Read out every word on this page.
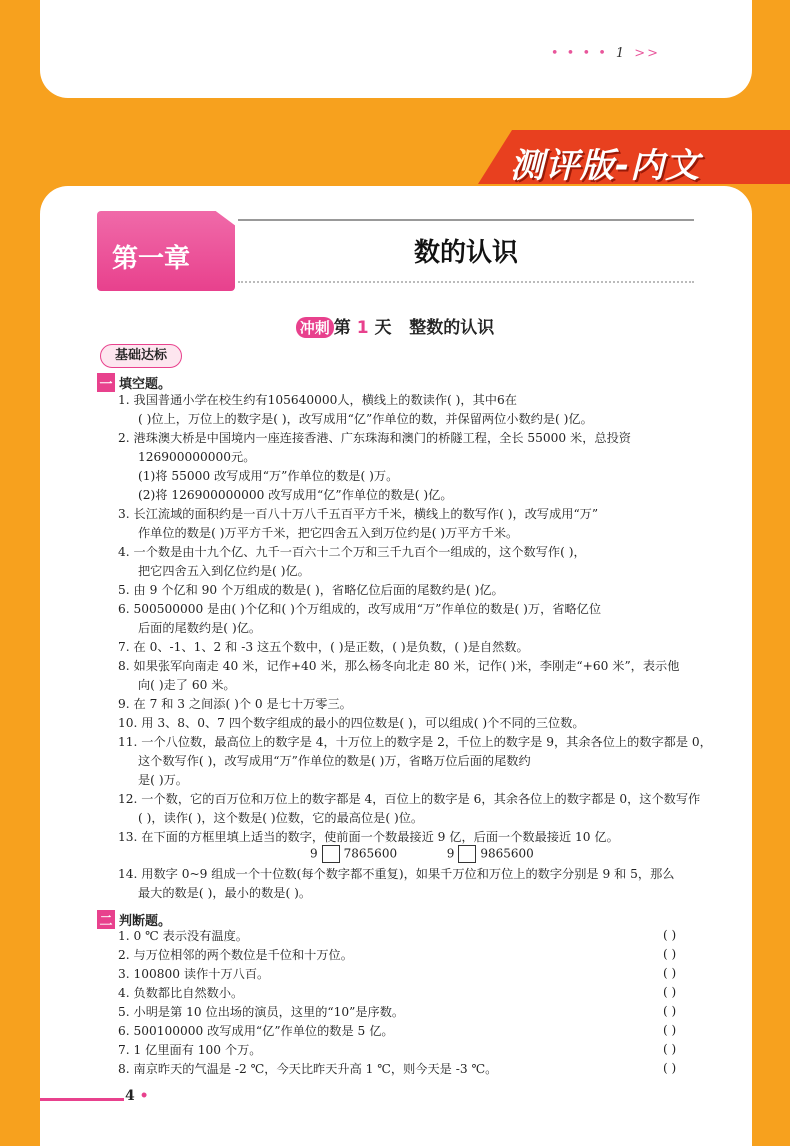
• • • • 1 >>
测评版-内文
第一章	数的认识
冲刺 第 1 天 整数的认识
基础达标
一 填空题。
1. 我国普通小学在校生约有105640000人，横线上的数读作( )，其中6在
( )位上，万位上的数字是( )，改写成用“亿”作单位的数，并保留两位小数约是( )亿。
2. 港珠澳大桥是中国境内一座连接香港、广东珠海和澳门的桥隧工程，全长 55000 米，总投资
126900000000元。
(1)将 55000 改写成用“万”作单位的数是( )万。
(2)将 126900000000 改写成用“亿”作单位的数是( )亿。
3. 长江流域的面积约是一百八十万八千五百平方千米，横线上的数写作( )，改写成用“万”
作单位的数是( )万平方千米，把它四舍五入到万位约是( )万平方千米。
4. 一个数是由十九个亿、九千一百六十二个万和三千九百个一组成的，这个数写作( )，
把它四舍五入到亿位约是( )亿。
5. 由 9 个亿和 90 个万组成的数是( )，省略亿位后面的尾数约是( )亿。
6. 500500000 是由( )个亿和( )个万组成的，改写成用“万”作单位的数是( )万，省略亿位
后面的尾数约是( )亿。
7. 在 0、-1、1、2 和 -3 这五个数中，( )是正数，( )是负数，( )是自然数。
8. 如果张军向南走 40 米，记作+40 米，那么杨冬向北走 80 米，记作( )米，李刚走“+60 米”，表示他
向( )走了 60 米。
9. 在 7 和 3 之间添( )个 0 是七十万零三。
10. 用 3、8、0、7 四个数字组成的最小的四位数是( )，可以组成( )个不同的三位数。
11. 一个八位数，最高位上的数字是 4，十万位上的数字是 2，千位上的数字是 9，其余各位上的数字都是 0，
这个数写作( )，改写成用“万”作单位的数是( )万，省略万位后面的尾数约
是( )万。
12. 一个数，它的百万位和万位上的数字都是 4，百位上的数字是 6，其余各位上的数字都是 0，这个数写作
( )，读作( )，这个数是( )位数，它的最高位是( )位。
13. 在下面的方框里填上适当的数字，使前面一个数最接近 9 亿，后面一个数最接近 10 亿。
14. 用数字 0~9 组成一个十位数(每个数字都不重复)，如果千万位和万位上的数字分别是 9 和 5，那么
最大的数是( )，最小的数是( )。
9 7865600	9 9865600
二 判断题。
1. 0 ℃ 表示没有温度。	( )
2. 与万位相邻的两个数位是千位和十万位。	( )
3. 100800 读作十万八百。	( )
4. 负数都比自然数小。	( )
5. 小明是第 10 位出场的演员，这里的“10”是序数。	( )
6. 500100000 改写成用“亿”作单位的数是 5 亿。	( )
7. 1 亿里面有 100 个万。	( )
8. 南京昨天的气温是 -2 ℃，今天比昨天升高 1 ℃，则今天是 -3 ℃。	( )
4 •
